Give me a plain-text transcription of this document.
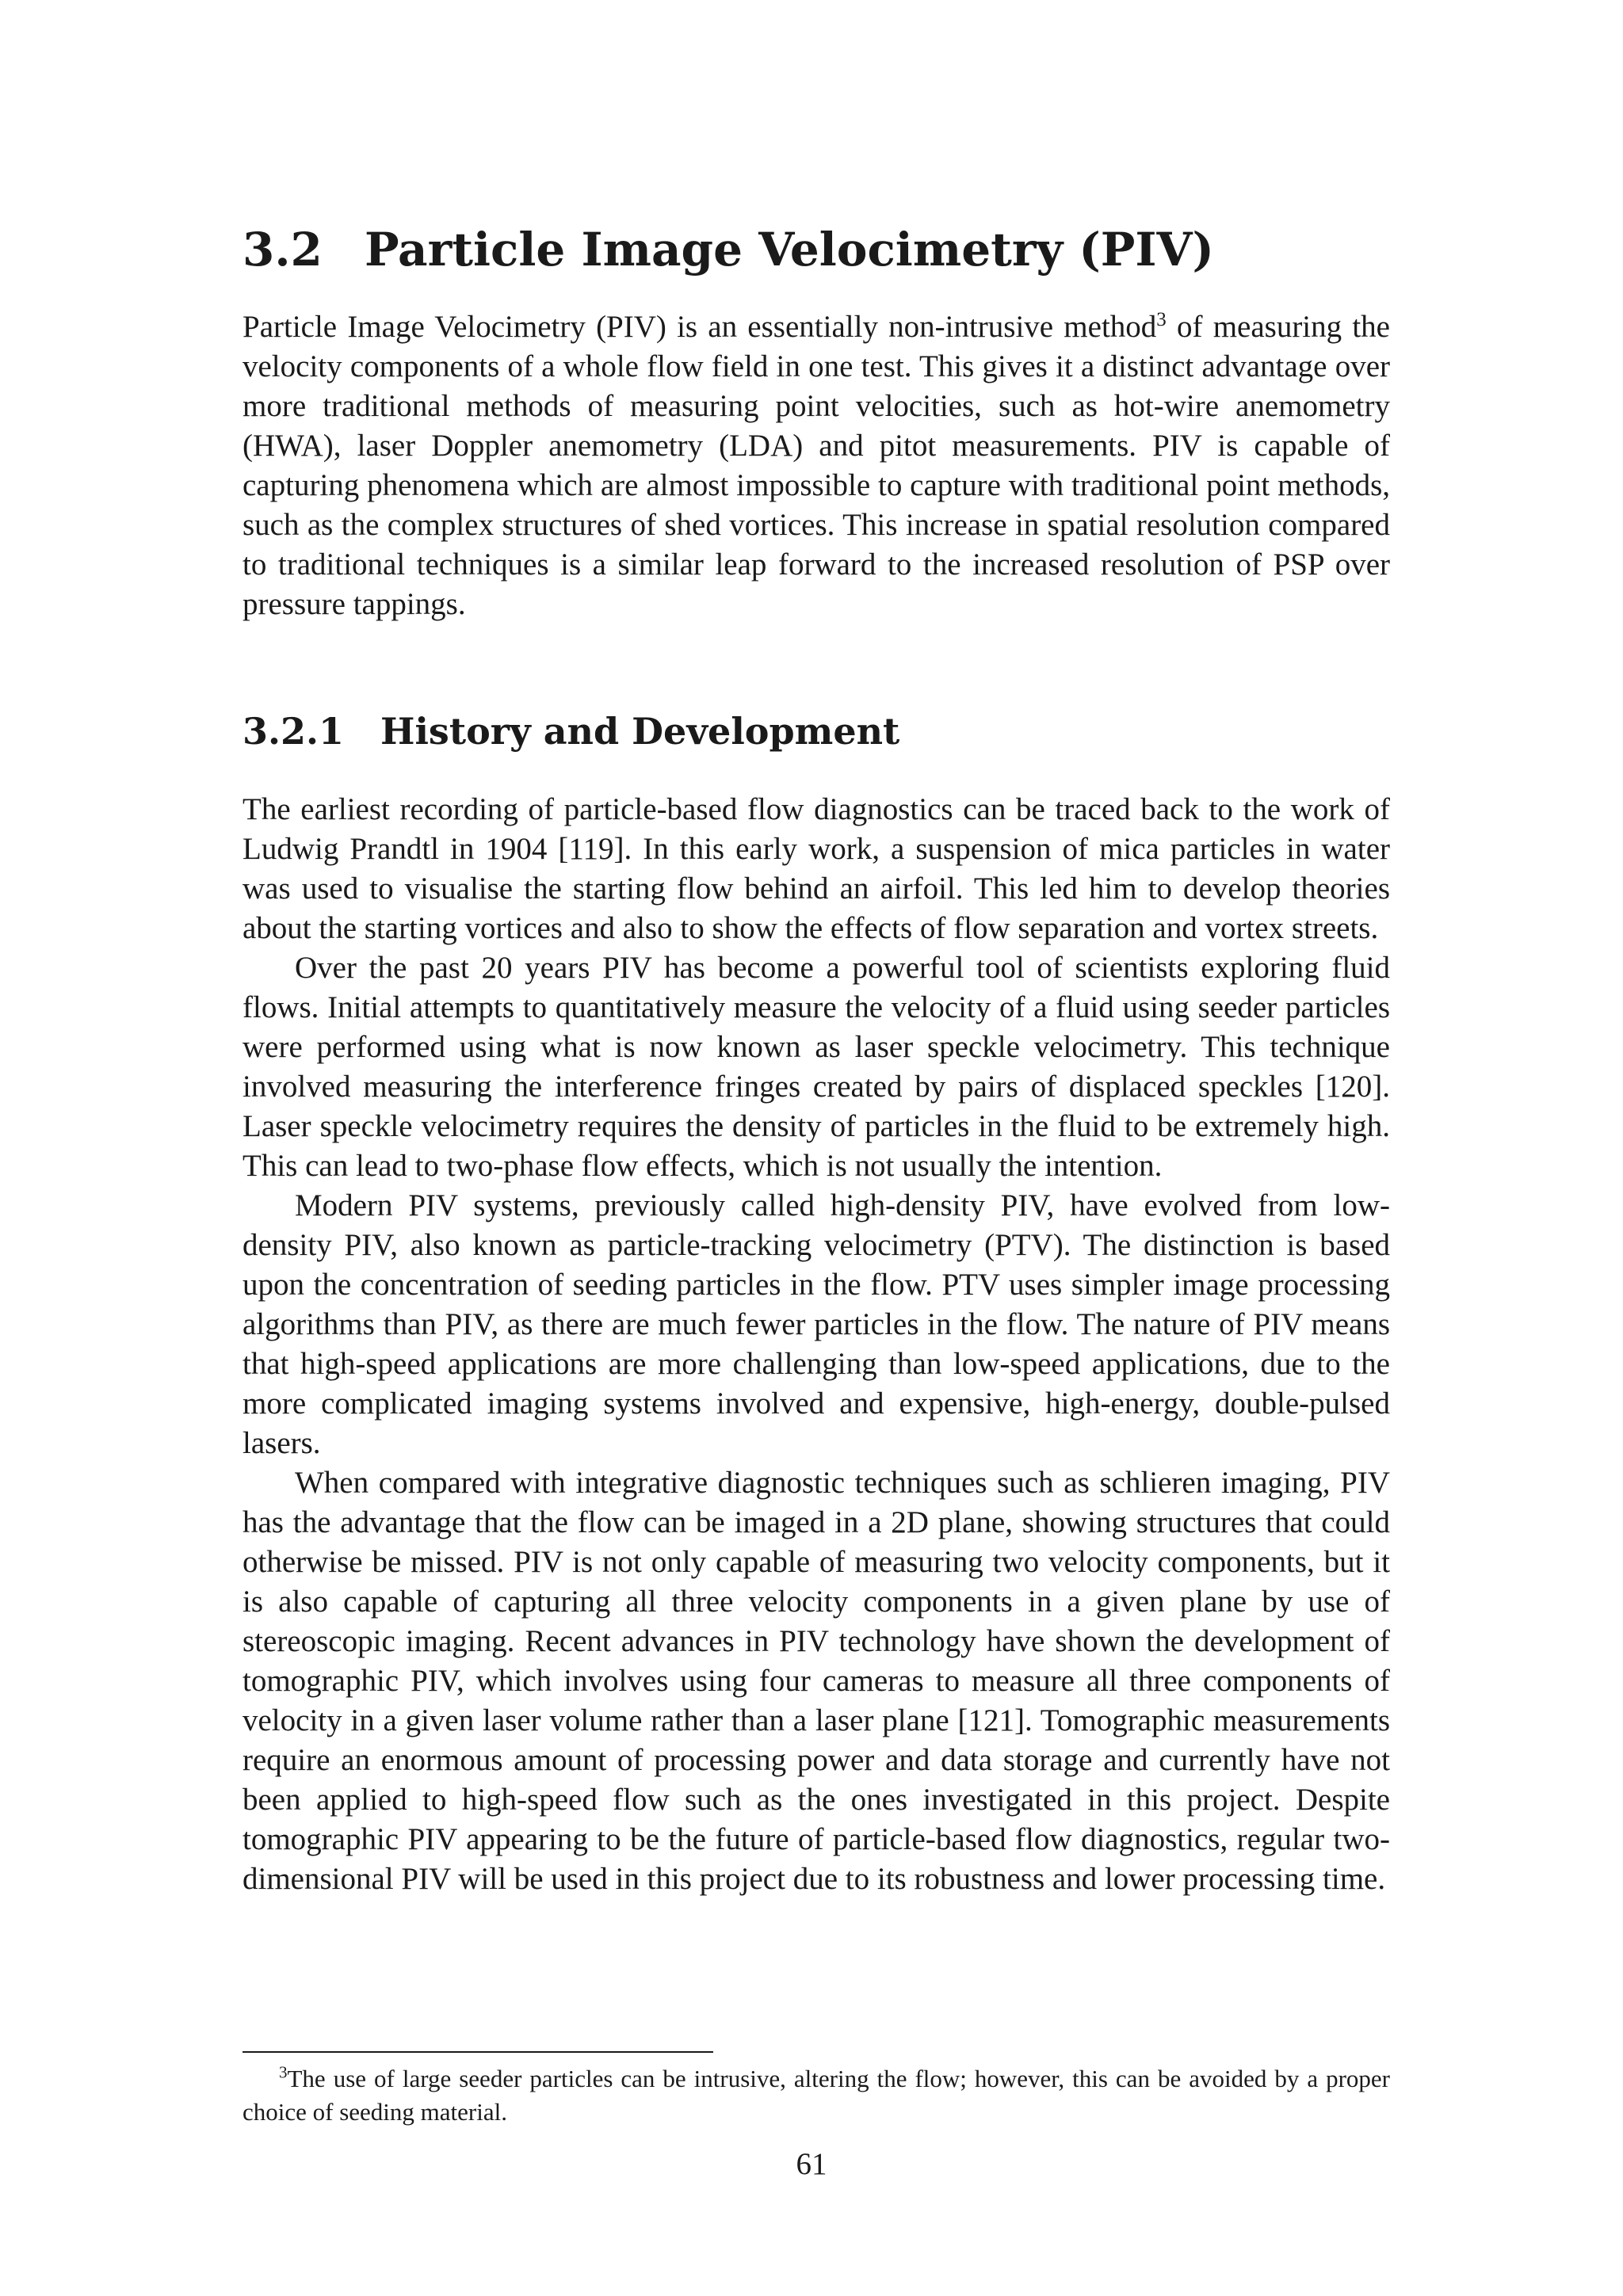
3.2 Particle Image Velocimetry (PIV)

Particle Image Velocimetry (PIV) is an essentially non-intrusive method$^3$ of measuring the velocity components of a whole flow field in one test. This gives it a distinct advantage over more traditional methods of measuring point velocities, such as hot-wire anemometry (HWA), laser Doppler anemometry (LDA) and pitot measurements. PIV is capable of capturing phenomena which are almost impossible to capture with traditional point methods, such as the complex structures of shed vortices. This increase in spatial resolution compared to traditional techniques is a similar leap forward to the increased resolution of PSP over pressure tappings.

3.2.1 History and Development

The earliest recording of particle-based flow diagnostics can be traced back to the work of Ludwig Prandtl in 1904 [119]. In this early work, a suspension of mica particles in water was used to visualise the starting flow behind an airfoil. This led him to develop theories about the starting vortices and also to show the effects of flow separation and vortex streets.

Over the past 20 years PIV has become a powerful tool of scientists exploring fluid flows. Initial attempts to quantitatively measure the velocity of a fluid using seeder particles were performed using what is now known as laser speckle velocimetry. This technique involved measuring the interference fringes created by pairs of displaced speckles [120]. Laser speckle velocimetry requires the density of particles in the fluid to be extremely high. This can lead to two-phase flow effects, which is not usually the intention.

Modern PIV systems, previously called high-density PIV, have evolved from low-density PIV, also known as particle-tracking velocimetry (PTV). The distinction is based upon the concentration of seeding particles in the flow. PTV uses simpler image processing algorithms than PIV, as there are much fewer particles in the flow. The nature of PIV means that high-speed applications are more challenging than low-speed applications, due to the more complicated imaging systems involved and expensive, high-energy, double-pulsed lasers.

When compared with integrative diagnostic techniques such as schlieren imaging, PIV has the advantage that the flow can be imaged in a 2D plane, showing structures that could otherwise be missed. PIV is not only capable of measuring two velocity components, but it is also capable of capturing all three velocity components in a given plane by use of stereoscopic imaging. Recent advances in PIV technology have shown the development of tomographic PIV, which involves using four cameras to measure all three components of velocity in a given laser volume rather than a laser plane [121]. Tomographic measurements require an enormous amount of processing power and data storage and currently have not been applied to high-speed flow such as the ones investigated in this project. Despite tomographic PIV appearing to be the future of particle-based flow diagnostics, regular two-dimensional PIV will be used in this project due to its robustness and lower processing time.

$^3$The use of large seeder particles can be intrusive, altering the flow; however, this can be avoided by a proper choice of seeding material.

61
